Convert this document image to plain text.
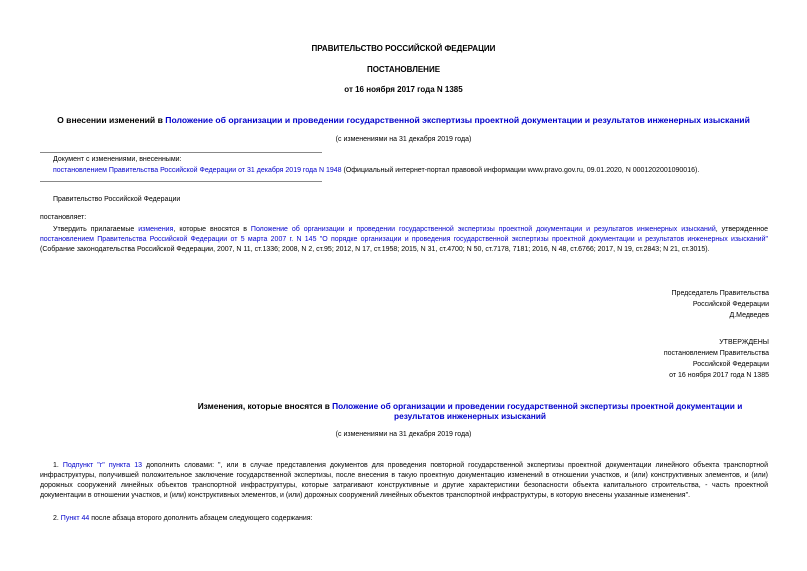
ПРАВИТЕЛЬСТВО РОССИЙСКОЙ ФЕДЕРАЦИИ
ПОСТАНОВЛЕНИЕ
от 16 ноября 2017 года N 1385
О внесении изменений в Положение об организации и проведении государственной экспертизы проектной документации и результатов инженерных изысканий
(с изменениями на 31 декабря 2019 года)
Документ с изменениями, внесенными:
постановлением Правительства Российской Федерации от 31 декабря 2019 года N 1948 (Официальный интернет-портал правовой информации www.pravo.gov.ru, 09.01.2020, N 0001202001090016).
Правительство Российской Федерации
постановляет:
Утвердить прилагаемые изменения, которые вносятся в Положение об организации и проведении государственной экспертизы проектной документации и результатов инженерных изысканий, утвержденное постановлением Правительства Российской Федерации от 5 марта 2007 г. N 145 "О порядке организации и проведения государственной экспертизы проектной документации и результатов инженерных изысканий" (Собрание законодательства Российской Федерации, 2007, N 11, ст.1336; 2008, N 2, ст.95; 2012, N 17, ст.1958; 2015, N 31, ст.4700; N 50, ст.7178, 7181; 2016, N 48, ст.6766; 2017, N 19, ст.2843; N 21, ст.3015).
Председатель Правительства
Российской Федерации
Д.Медведев
УТВЕРЖДЕНЫ
постановлением Правительства
Российской Федерации
от 16 ноября 2017 года N 1385
Изменения, которые вносятся в Положение об организации и проведении государственной экспертизы проектной документации и результатов инженерных изысканий
(с изменениями на 31 декабря 2019 года)
1. Подпункт "г" пункта 13 дополнить словами: ", или в случае представления документов для проведения повторной государственной экспертизы проектной документации линейного объекта транспортной инфраструктуры, получившей положительное заключение государственной экспертизы, после внесения в такую проектную документацию изменений в отношении участков, и (или) конструктивных элементов, и (или) дорожных сооружений линейных объектов транспортной инфраструктуры, которые затрагивают конструктивные и другие характеристики безопасности объекта капитального строительства, - часть проектной документации в отношении участков, и (или) конструктивных элементов, и (или) дорожных сооружений линейных объектов транспортной инфраструктуры, в которую внесены указанные изменения".
2. Пункт 44 после абзаца второго дополнить абзацем следующего содержания:
